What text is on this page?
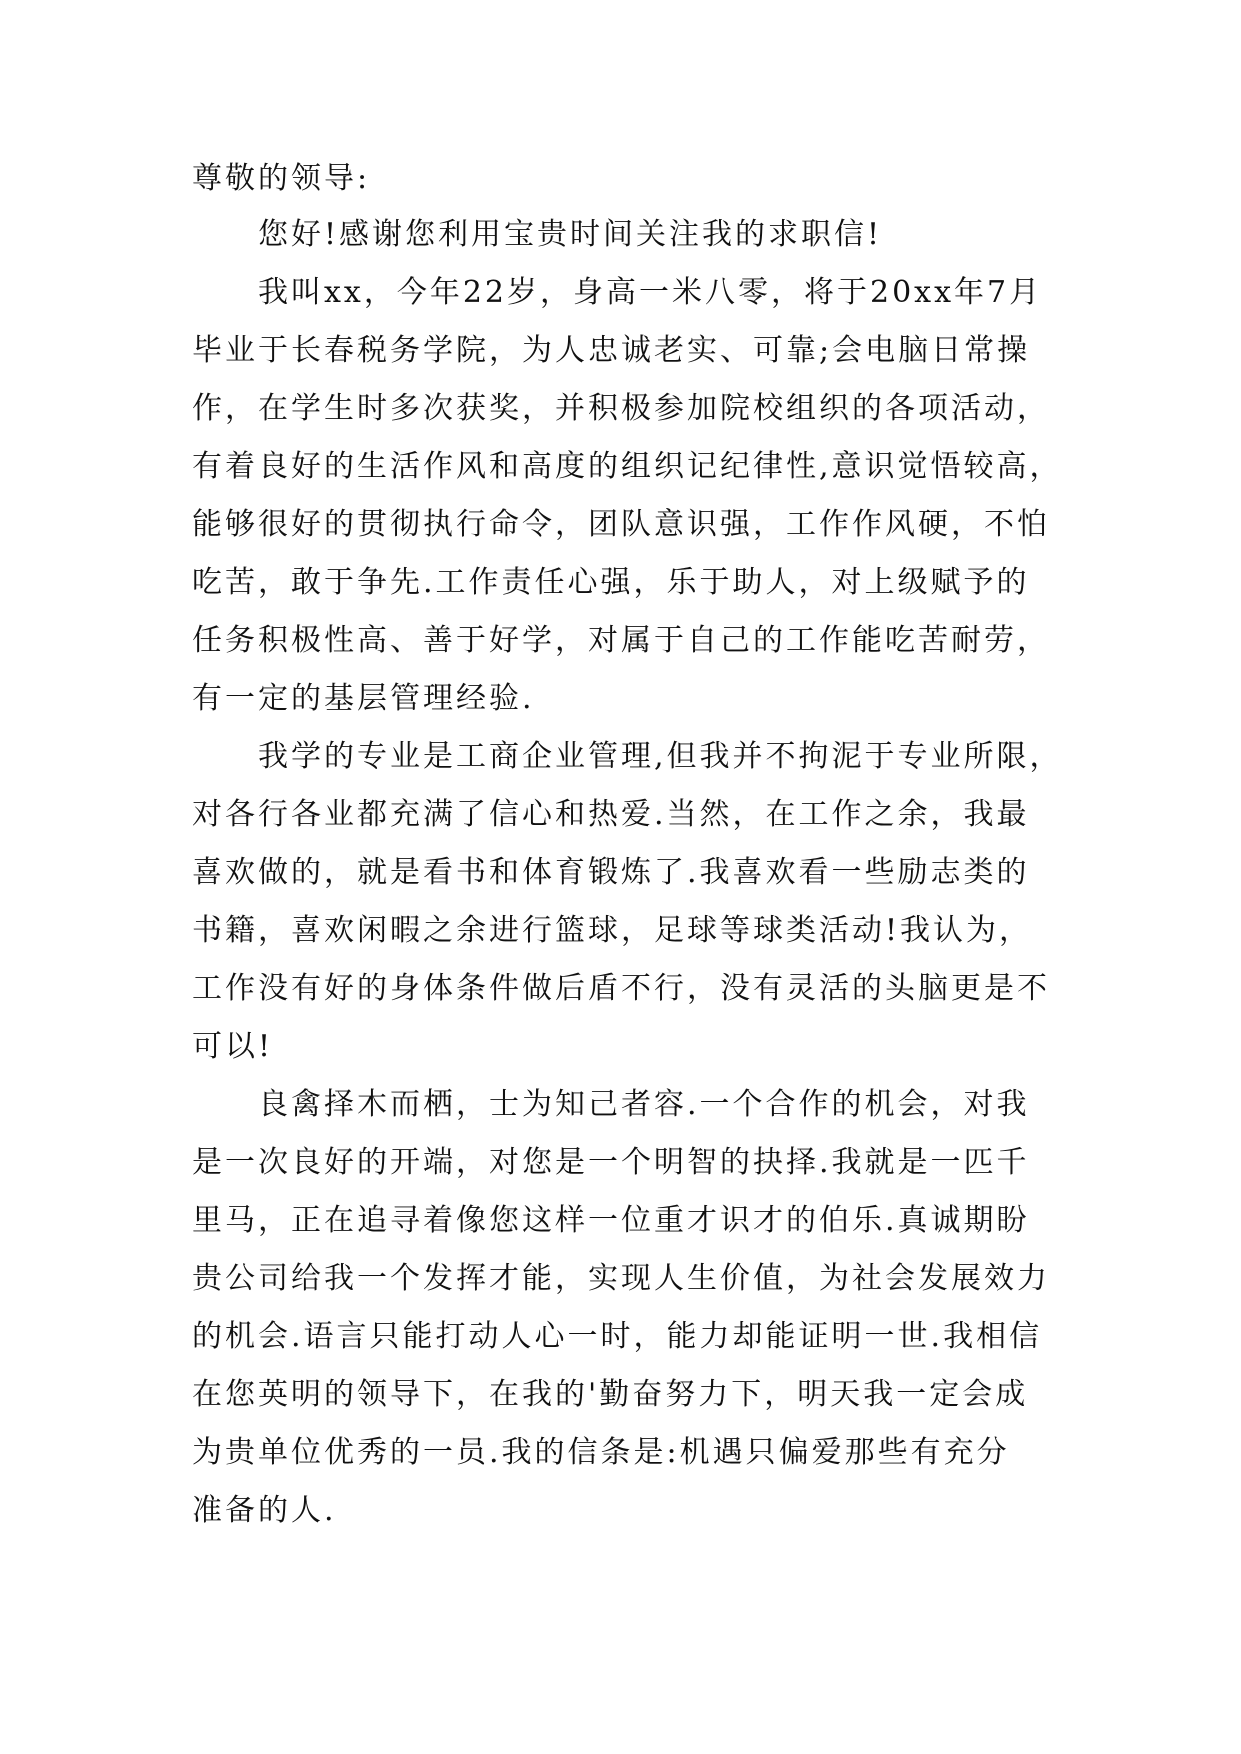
尊敬的领导:
　　您好!感谢您利用宝贵时间关注我的求职信!
　　我叫xx，今年22岁，身高一米八零，将于20xx年7月
毕业于长春税务学院，为人忠诚老实、可靠;会电脑日常操
作，在学生时多次获奖，并积极参加院校组织的各项活动，
有着良好的生活作风和高度的组织记纪律性,意识觉悟较高，
能够很好的贯彻执行命令，团队意识强，工作作风硬，不怕
吃苦，敢于争先.工作责任心强，乐于助人，对上级赋予的
任务积极性高、善于好学，对属于自己的工作能吃苦耐劳，
有一定的基层管理经验.
　　我学的专业是工商企业管理,但我并不拘泥于专业所限，
对各行各业都充满了信心和热爱.当然，在工作之余，我最
喜欢做的，就是看书和体育锻炼了.我喜欢看一些励志类的
书籍，喜欢闲暇之余进行篮球，足球等球类活动!我认为，
工作没有好的身体条件做后盾不行，没有灵活的头脑更是不
可以!
　　良禽择木而栖，士为知己者容.一个合作的机会，对我
是一次良好的开端，对您是一个明智的抉择.我就是一匹千
里马，正在追寻着像您这样一位重才识才的伯乐.真诚期盼
贵公司给我一个发挥才能，实现人生价值，为社会发展效力
的机会.语言只能打动人心一时，能力却能证明一世.我相信
在您英明的领导下，在我的'勤奋努力下，明天我一定会成
为贵单位优秀的一员.我的信条是:机遇只偏爱那些有充分
准备的人.
